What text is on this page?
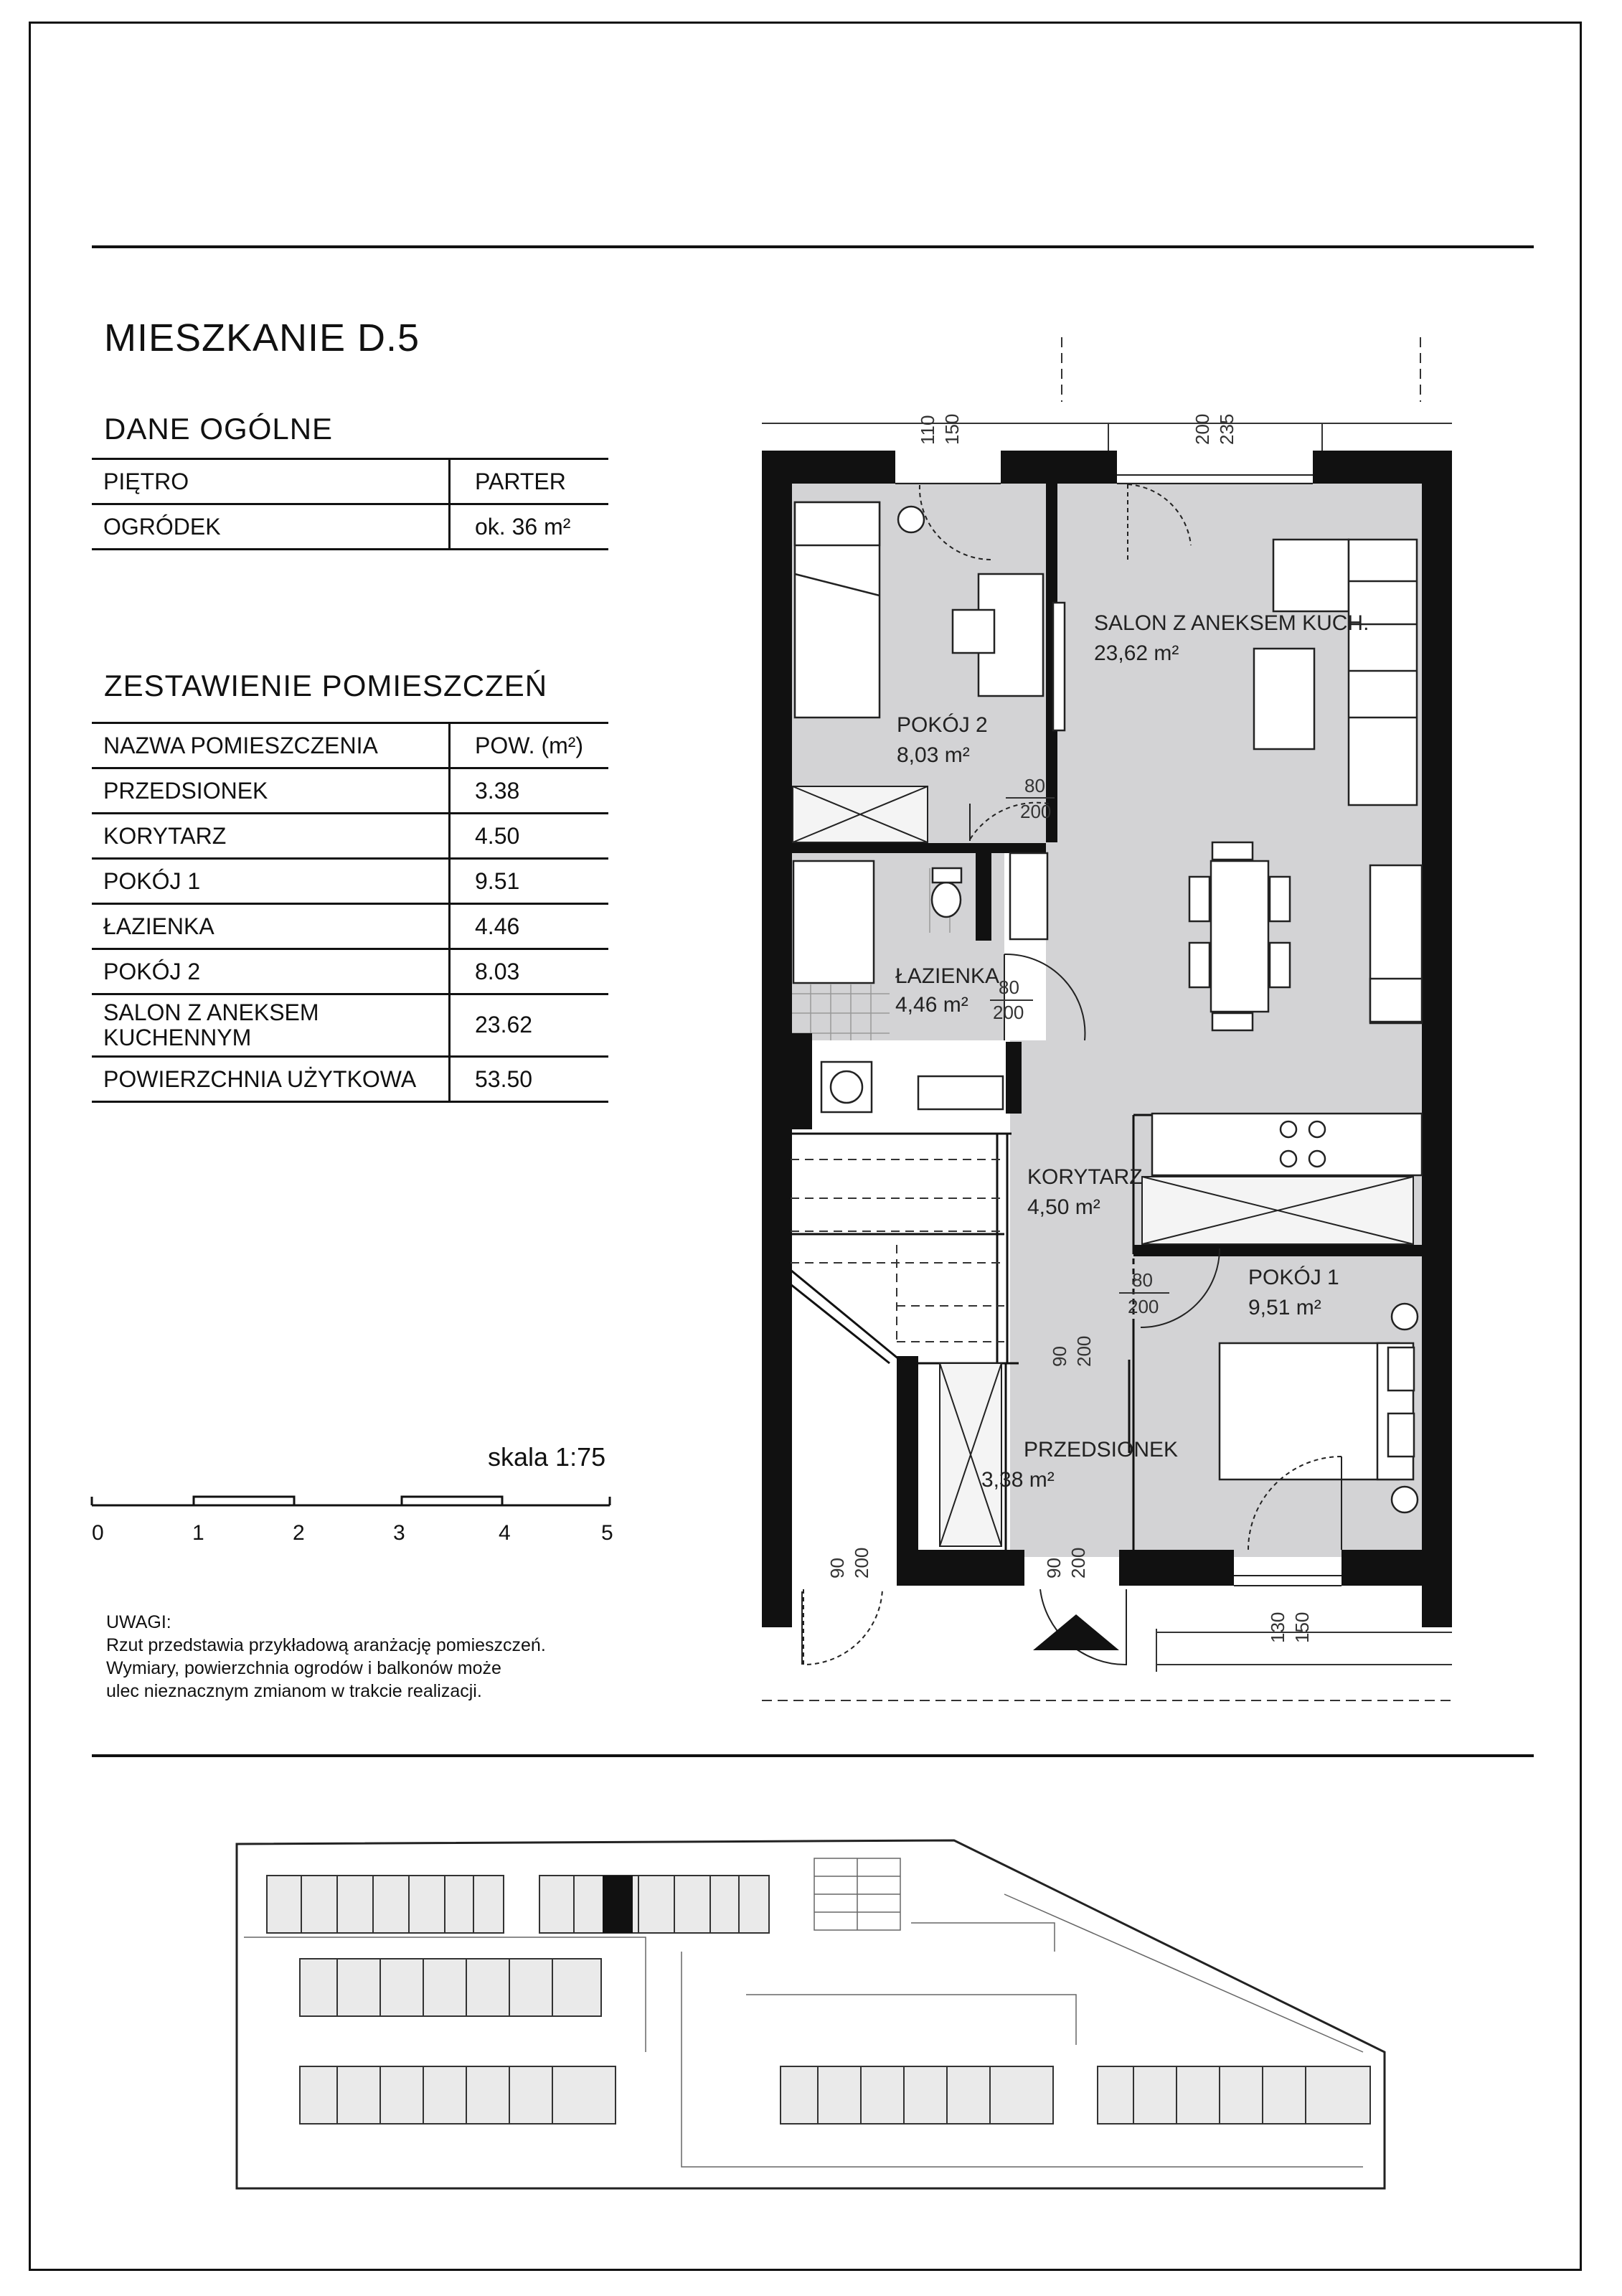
MIESZKANIE D.5
DANE OGÓLNE
PIĘTRO	PARTER
OGRÓDEK	ok. 36 m²
ZESTAWIENIE POMIESZCZEŃ
NAZWA POMIESZCZENIA	POW. (m²)
PRZEDSIONEK	3.38
KORYTARZ	4.50
POKÓJ 1	9.51
ŁAZIENKA	4.46
POKÓJ 2	8.03
SALON Z ANEKSEM
KUCHENNYM	23.62
POWIERZCHNIA UŻYTKOWA	53.50
skala 1:75
0	1	2	3	4	5
UWAGI:
Rzut przedstawia przykładową aranżację pomieszczeń.
Wymiary, powierzchnia ogrodów i balkonów może
ulec nieznacznym zmianom w trakcie realizacji.
SALON Z ANEKSEM KUCH.
23,62 m²
POKÓJ 2
8,03 m²
ŁAZIENKA
4,46 m²
KORYTARZ
4,50 m²
POKÓJ 1
9,51 m²
PRZEDSIONEK
3,38 m²
80
200
80
200
80
200
90 200
90 200	90 200
110 150	200 235
130 150
